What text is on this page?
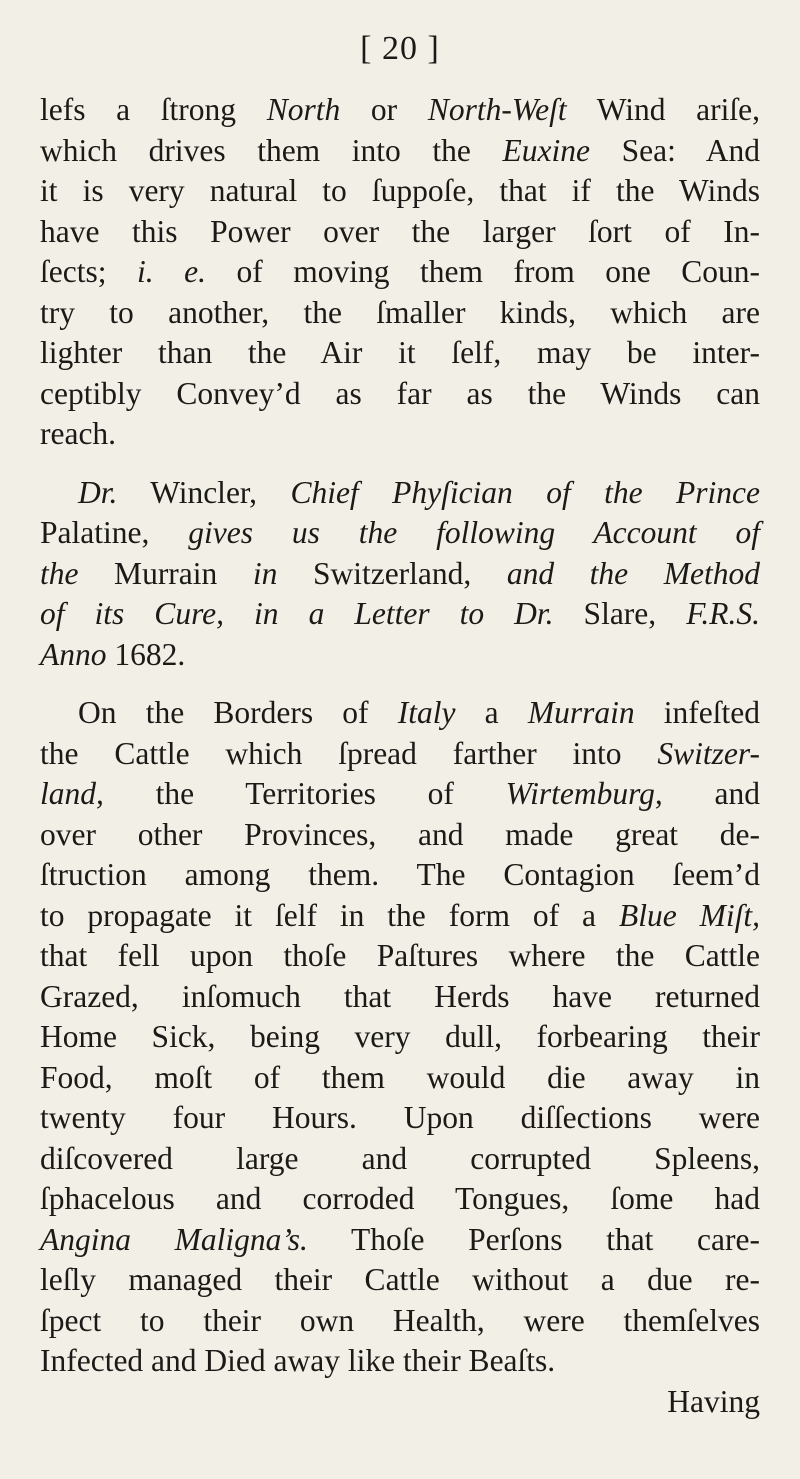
[ 20 ]
lefs a ſtrong North or North-Weſt Wind ariſe,
which drives them into the Euxine Sea: And
it is very natural to ſuppoſe, that if the Winds
have this Power over the larger ſort of In-
ſects; i. e. of moving them from one Coun-
try to another, the ſmaller kinds, which are
lighter than the Air it ſelf, may be inter-
ceptibly Convey’d as far as the Winds can
reach.
Dr. Wincler, Chief Phyſician of the Prince
Palatine, gives us the following Account of
the Murrain in Switzerland, and the Method
of its Cure, in a Letter to Dr. Slare, F.R.S.
Anno 1682.
On the Borders of Italy a Murrain infeſted
the Cattle which ſpread farther into Switzer-
land, the Territories of Wirtemburg, and
over other Provinces, and made great de-
ſtruction among them. The Contagion ſeem’d
to propagate it ſelf in the form of a Blue Miſt,
that fell upon thoſe Paſtures where the Cattle
Grazed, inſomuch that Herds have returned
Home Sick, being very dull, forbearing their
Food, moſt of them would die away in
twenty four Hours. Upon diſſections were
diſcovered large and corrupted Spleens,
ſphacelous and corroded Tongues, ſome had
Angina Maligna’s. Thoſe Perſons that care-
leſly managed their Cattle without a due re-
ſpect to their own Health, were themſelves
Infected and Died away like their Beaſts.
Having
